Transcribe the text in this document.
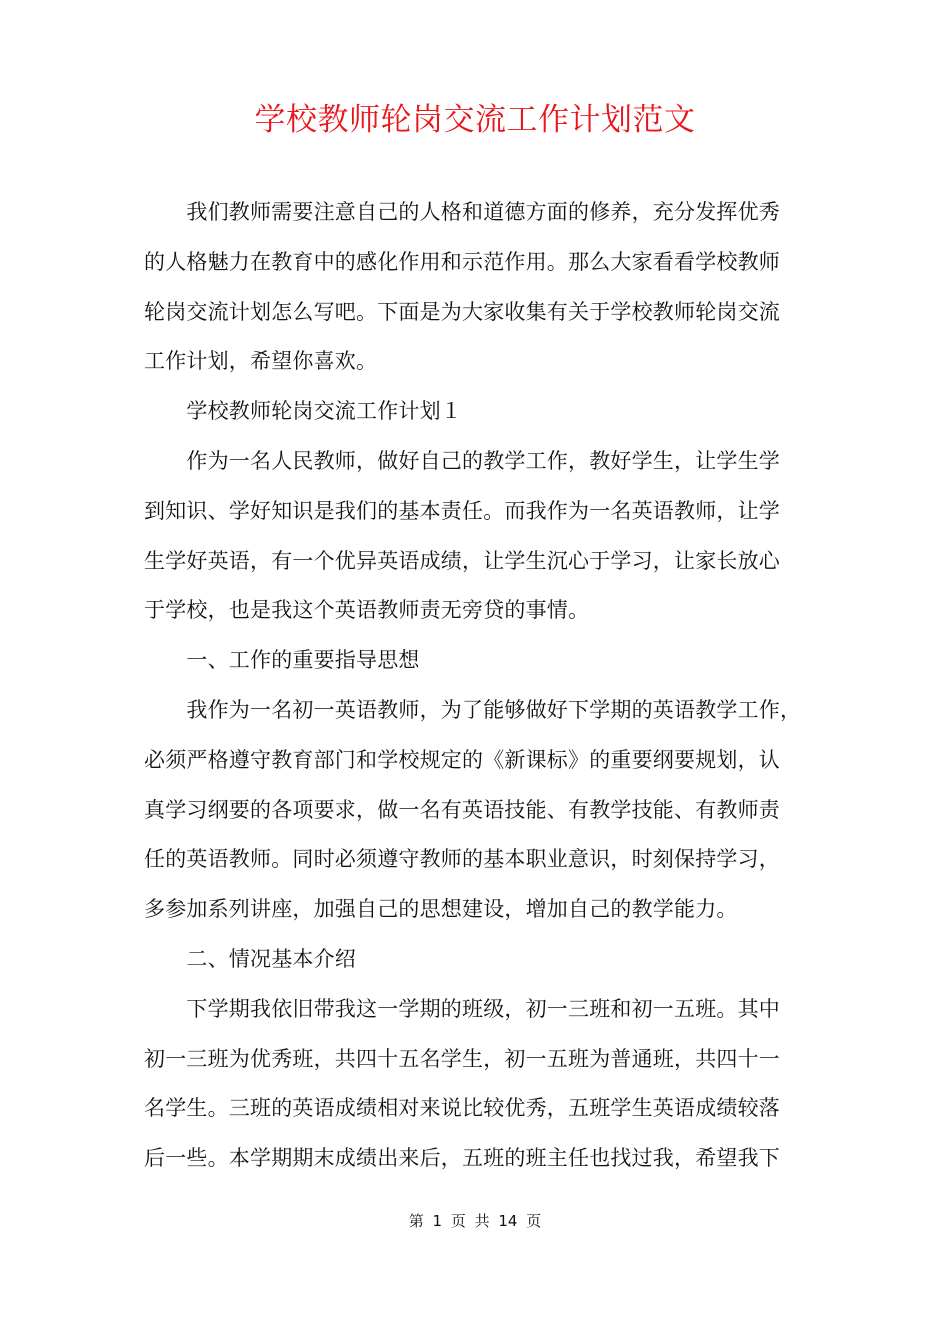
学校教师轮岗交流工作计划范文

　　我们教师需要注意自己的人格和道德方面的修养，充分发挥优秀
的人格魅力在教育中的感化作用和示范作用。那么大家看看学校教师
轮岗交流计划怎么写吧。下面是为大家收集有关于学校教师轮岗交流
工作计划，希望你喜欢。

　　学校教师轮岗交流工作计划１

　　作为一名人民教师，做好自己的教学工作，教好学生，让学生学
到知识、学好知识是我们的基本责任。而我作为一名英语教师，让学
生学好英语，有一个优异英语成绩，让学生沉心于学习，让家长放心
于学校，也是我这个英语教师责无旁贷的事情。

　　一、工作的重要指导思想

　　我作为一名初一英语教师，为了能够做好下学期的英语教学工作，
必须严格遵守教育部门和学校规定的《新课标》的重要纲要规划，认
真学习纲要的各项要求，做一名有英语技能、有教学技能、有教师责
任的英语教师。同时必须遵守教师的基本职业意识，时刻保持学习，
多参加系列讲座，加强自己的思想建设，增加自己的教学能力。

　　二、情况基本介绍

　　下学期我依旧带我这一学期的班级，初一三班和初一五班。其中
初一三班为优秀班，共四十五名学生，初一五班为普通班，共四十一
名学生。三班的英语成绩相对来说比较优秀，五班学生英语成绩较落
后一些。本学期期末成绩出来后，五班的班主任也找过我，希望我下

第 1 页 共 14 页
